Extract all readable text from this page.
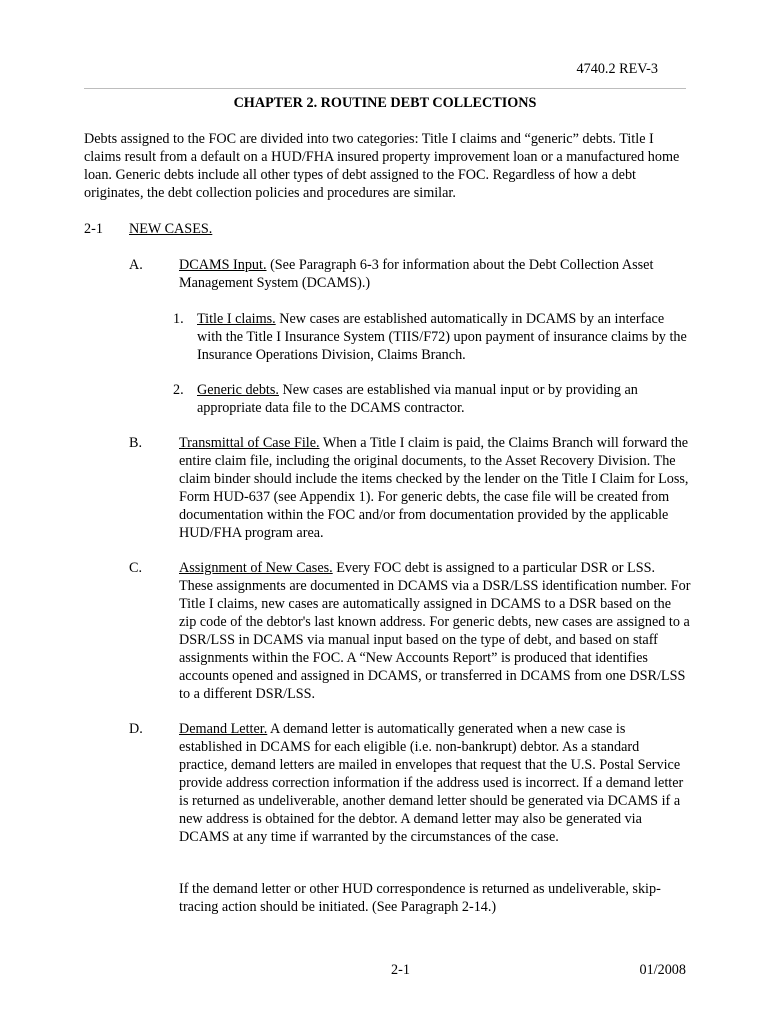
4740.2 REV-3
CHAPTER 2. ROUTINE DEBT COLLECTIONS

Debts assigned to the FOC are divided into two categories: Title I claims and “generic” debts. Title I claims result from a default on a HUD/FHA insured property improvement loan or a manufactured home loan. Generic debts include all other types of debt assigned to the FOC. Regardless of how a debt originates, the debt collection policies and procedures are similar.

2-1 NEW CASES.
A.	DCAMS Input. (See Paragraph 6-3 for information about the Debt Collection Asset Management System (DCAMS).)
1. Title I claims. New cases are established automatically in DCAMS by an interface with the Title I Insurance System (TIIS/F72) upon payment of insurance claims by the Insurance Operations Division, Claims Branch.
2. Generic debts. New cases are established via manual input or by providing an appropriate data file to the DCAMS contractor.
B.	Transmittal of Case File. When a Title I claim is paid, the Claims Branch will forward the entire claim file, including the original documents, to the Asset Recovery Division. The claim binder should include the items checked by the lender on the Title I Claim for Loss, Form HUD-637 (see Appendix 1). For generic debts, the case file will be created from documentation within the FOC and/or from documentation provided by the applicable HUD/FHA program area.
C.	Assignment of New Cases. Every FOC debt is assigned to a particular DSR or LSS. These assignments are documented in DCAMS via a DSR/LSS identification number. For Title I claims, new cases are automatically assigned in DCAMS to a DSR based on the zip code of the debtor's last known address. For generic debts, new cases are assigned to a DSR/LSS in DCAMS via manual input based on the type of debt, and based on staff assignments within the FOC. A “New Accounts Report” is produced that identifies accounts opened and assigned in DCAMS, or transferred in DCAMS from one DSR/LSS to a different DSR/LSS.
D.	Demand Letter. A demand letter is automatically generated when a new case is established in DCAMS for each eligible (i.e. non-bankrupt) debtor. As a standard practice, demand letters are mailed in envelopes that request that the U.S. Postal Service provide address correction information if the address used is incorrect. If a demand letter is returned as undeliverable, another demand letter should be generated via DCAMS if a new address is obtained for the debtor. A demand letter may also be generated via DCAMS at any time if warranted by the circumstances of the case.
If the demand letter or other HUD correspondence is returned as undeliverable, skip-tracing action should be initiated. (See Paragraph 2-14.)
2-1	01/2008
